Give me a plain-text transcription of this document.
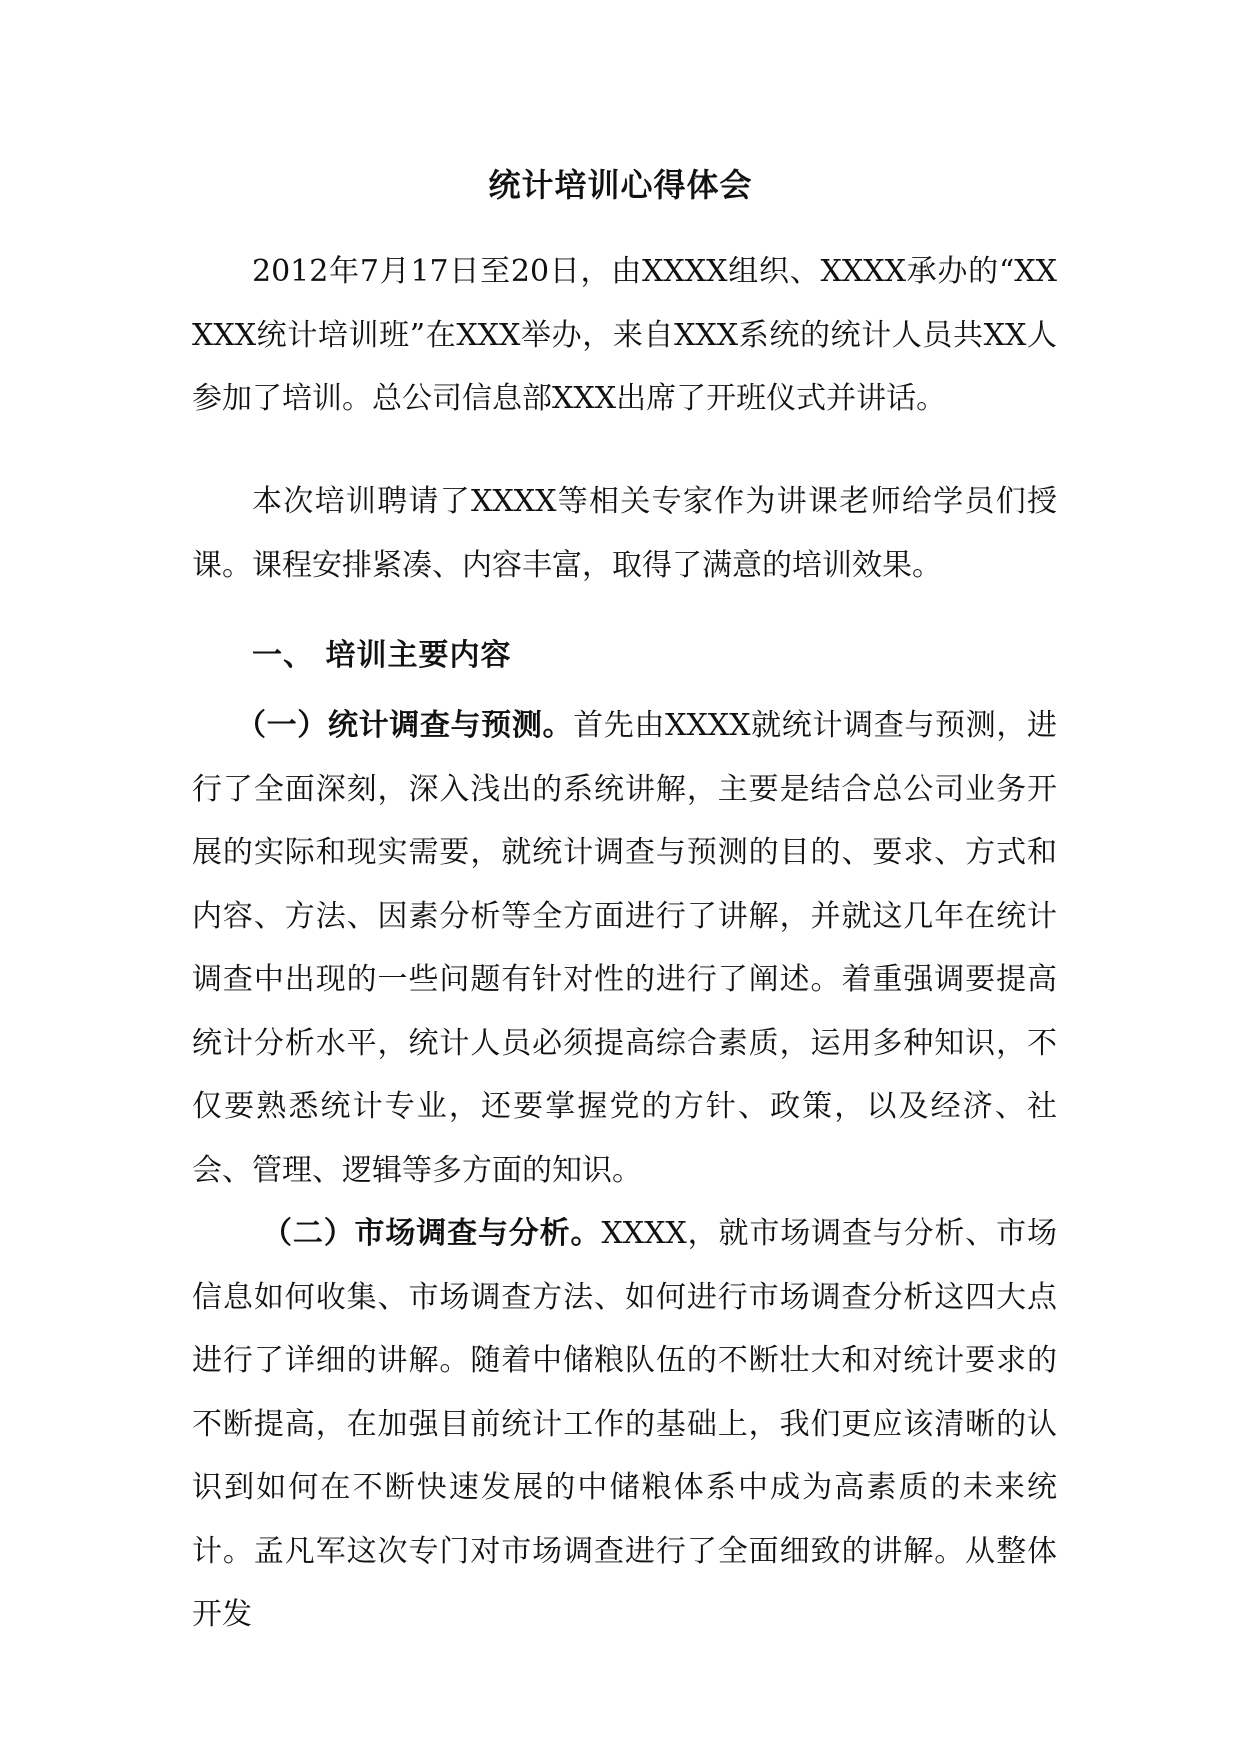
统计培训心得体会

2012年7月17日至20日，由XXXX组织、XXXX承办的“XXXXX统计培训班”在XXX举办，来自XXX系统的统计人员共XX人参加了培训。总公司信息部XXX出席了开班仪式并讲话。

本次培训聘请了XXXX等相关专家作为讲课老师给学员们授课。课程安排紧凑、内容丰富，取得了满意的培训效果。

一、 培训主要内容

（一）统计调查与预测。首先由XXXX就统计调查与预测，进行了全面深刻，深入浅出的系统讲解，主要是结合总公司业务开展的实际和现实需要，就统计调查与预测的目的、要求、方式和内容、方法、因素分析等全方面进行了讲解，并就这几年在统计调查中出现的一些问题有针对性的进行了阐述。着重强调要提高统计分析水平，统计人员必须提高综合素质，运用多种知识，不仅要熟悉统计专业，还要掌握党的方针、政策，以及经济、社会、管理、逻辑等多方面的知识。

（二）市场调查与分析。XXXX，就市场调查与分析、市场信息如何收集、市场调查方法、如何进行市场调查分析这四大点进行了详细的讲解。随着中储粮队伍的不断壮大和对统计要求的不断提高，在加强目前统计工作的基础上，我们更应该清晰的认识到如何在不断快速发展的中储粮体系中成为高素质的未来统计。孟凡军这次专门对市场调查进行了全面细致的讲解。从整体开发
